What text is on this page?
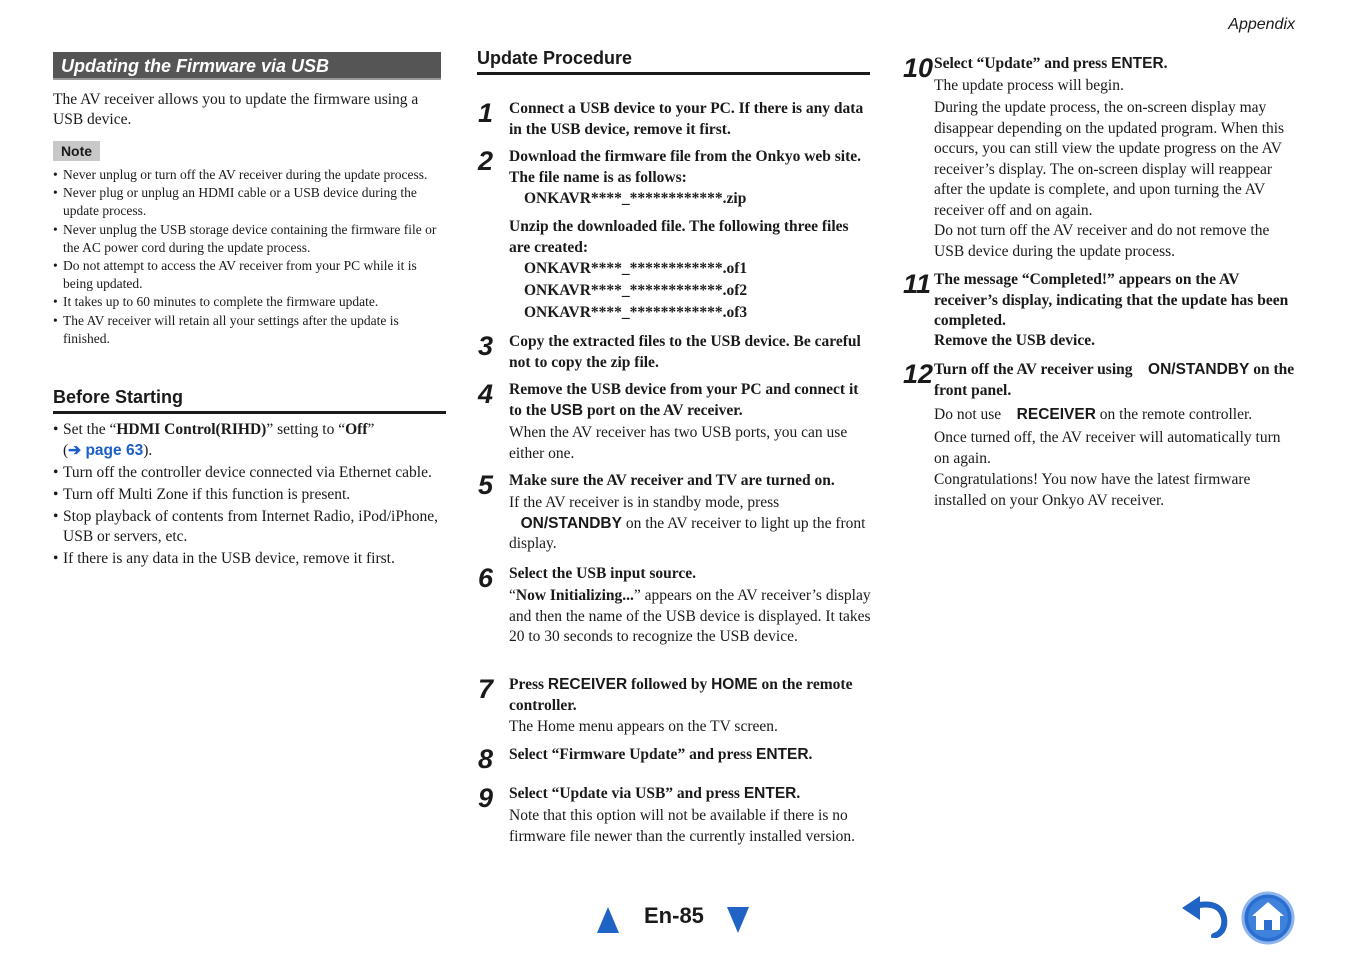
Appendix
Updating the Firmware via USB
The AV receiver allows you to update the firmware using a USB device.
Note
• Never unplug or turn off the AV receiver during the update process.
• Never plug or unplug an HDMI cable or a USB device during the update process.
• Never unplug the USB storage device containing the firmware file or the AC power cord during the update process.
• Do not attempt to access the AV receiver from your PC while it is being updated.
• It takes up to 60 minutes to complete the firmware update.
• The AV receiver will retain all your settings after the update is finished.
Before Starting
• Set the “HDMI Control(RIHD)” setting to “Off”
(➔ page 63).
• Turn off the controller device connected via Ethernet cable.
• Turn off Multi Zone if this function is present.
• Stop playback of contents from Internet Radio, iPod/iPhone, USB or servers, etc.
• If there is any data in the USB device, remove it first.
Update Procedure
1 Connect a USB device to your PC. If there is any data in the USB device, remove it first.
2 Download the firmware file from the Onkyo web site. The file name is as follows:
ONKAVR****_************.zip
Unzip the downloaded file. The following three files are created:
ONKAVR****_************.of1
ONKAVR****_************.of2
ONKAVR****_************.of3
3 Copy the extracted files to the USB device. Be careful not to copy the zip file.
4 Remove the USB device from your PC and connect it to the USB port on the AV receiver.
When the AV receiver has two USB ports, you can use either one.
5 Make sure the AV receiver and TV are turned on.
If the AV receiver is in standby mode, press
ON/STANDBY on the AV receiver to light up the front display.
6 Select the USB input source.
“Now Initializing...” appears on the AV receiver’s display and then the name of the USB device is displayed. It takes 20 to 30 seconds to recognize the USB device.
7 Press RECEIVER followed by HOME on the remote controller.
The Home menu appears on the TV screen.
8 Select “Firmware Update” and press ENTER.
9 Select “Update via USB” and press ENTER.
Note that this option will not be available if there is no firmware file newer than the currently installed version.
10 Select “Update” and press ENTER.
The update process will begin.
During the update process, the on-screen display may disappear depending on the updated program. When this occurs, you can still view the update progress on the AV receiver’s display. The on-screen display will reappear after the update is complete, and upon turning the AV receiver off and on again.
Do not turn off the AV receiver and do not remove the USB device during the update process.
11 The message “Completed!” appears on the AV receiver’s display, indicating that the update has been completed.
Remove the USB device.
12 Turn off the AV receiver using    ON/STANDBY on the front panel.
Do not use    RECEIVER on the remote controller.
Once turned off, the AV receiver will automatically turn on again.
Congratulations! You now have the latest firmware installed on your Onkyo AV receiver.
En-85
